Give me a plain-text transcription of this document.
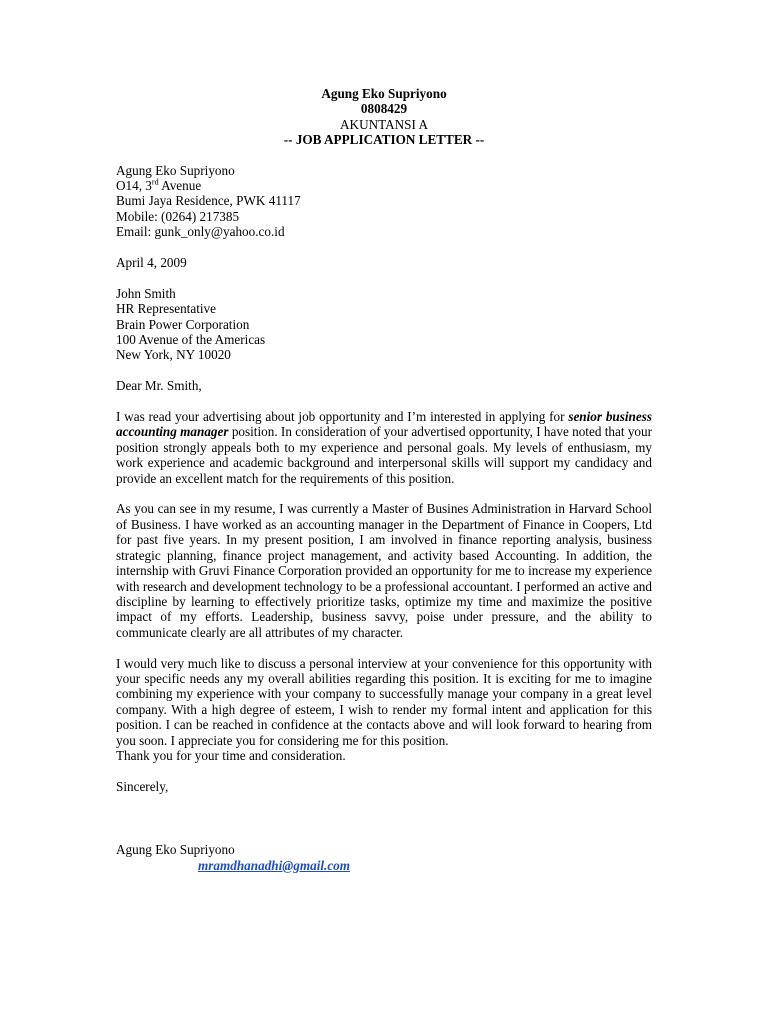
Agung Eko Supriyono
0808429
AKUNTANSI A
-- JOB APPLICATION LETTER --
Agung Eko Supriyono
O14, 3rd Avenue
Bumi Jaya Residence, PWK 41117
Mobile: (0264) 217385
Email: gunk_only@yahoo.co.id
April 4, 2009
John Smith
HR Representative
Brain Power Corporation
100 Avenue of the Americas
New York, NY 10020
Dear Mr. Smith,

I was read your advertising about job opportunity and I’m interested in applying for senior business accounting manager position. In consideration of your advertised opportunity, I have noted that your position strongly appeals both to my experience and personal goals. My levels of enthusiasm, my work experience and academic background and interpersonal skills will support my candidacy and provide an excellent match for the requirements of this position.

As you can see in my resume, I was currently a Master of Busines Administration in Harvard School of Business. I have worked as an accounting manager in the Department of Finance in Coopers, Ltd for past five years. In my present position, I am involved in finance reporting analysis, business strategic planning, finance project management, and activity based Accounting. In addition, the internship with Gruvi Finance Corporation provided an opportunity for me to increase my experience with research and development technology to be a professional accountant. I performed an active and discipline by learning to effectively prioritize tasks, optimize my time and maximize the positive impact of my efforts. Leadership, business savvy, poise under pressure, and the ability to communicate clearly are all attributes of my character.

I would very much like to discuss a personal interview at your convenience for this opportunity with your specific needs any my overall abilities regarding this position. It is exciting for me to imagine combining my experience with your company to successfully manage your company in a great level company. With a high degree of esteem, I wish to render my formal intent and application for this position. I can be reached in confidence at the contacts above and will look forward to hearing from you soon. I appreciate you for considering me for this position.

Thank you for your time and consideration.
Sincerely,
Agung Eko Supriyono
mramdhanadhi@gmail.com
